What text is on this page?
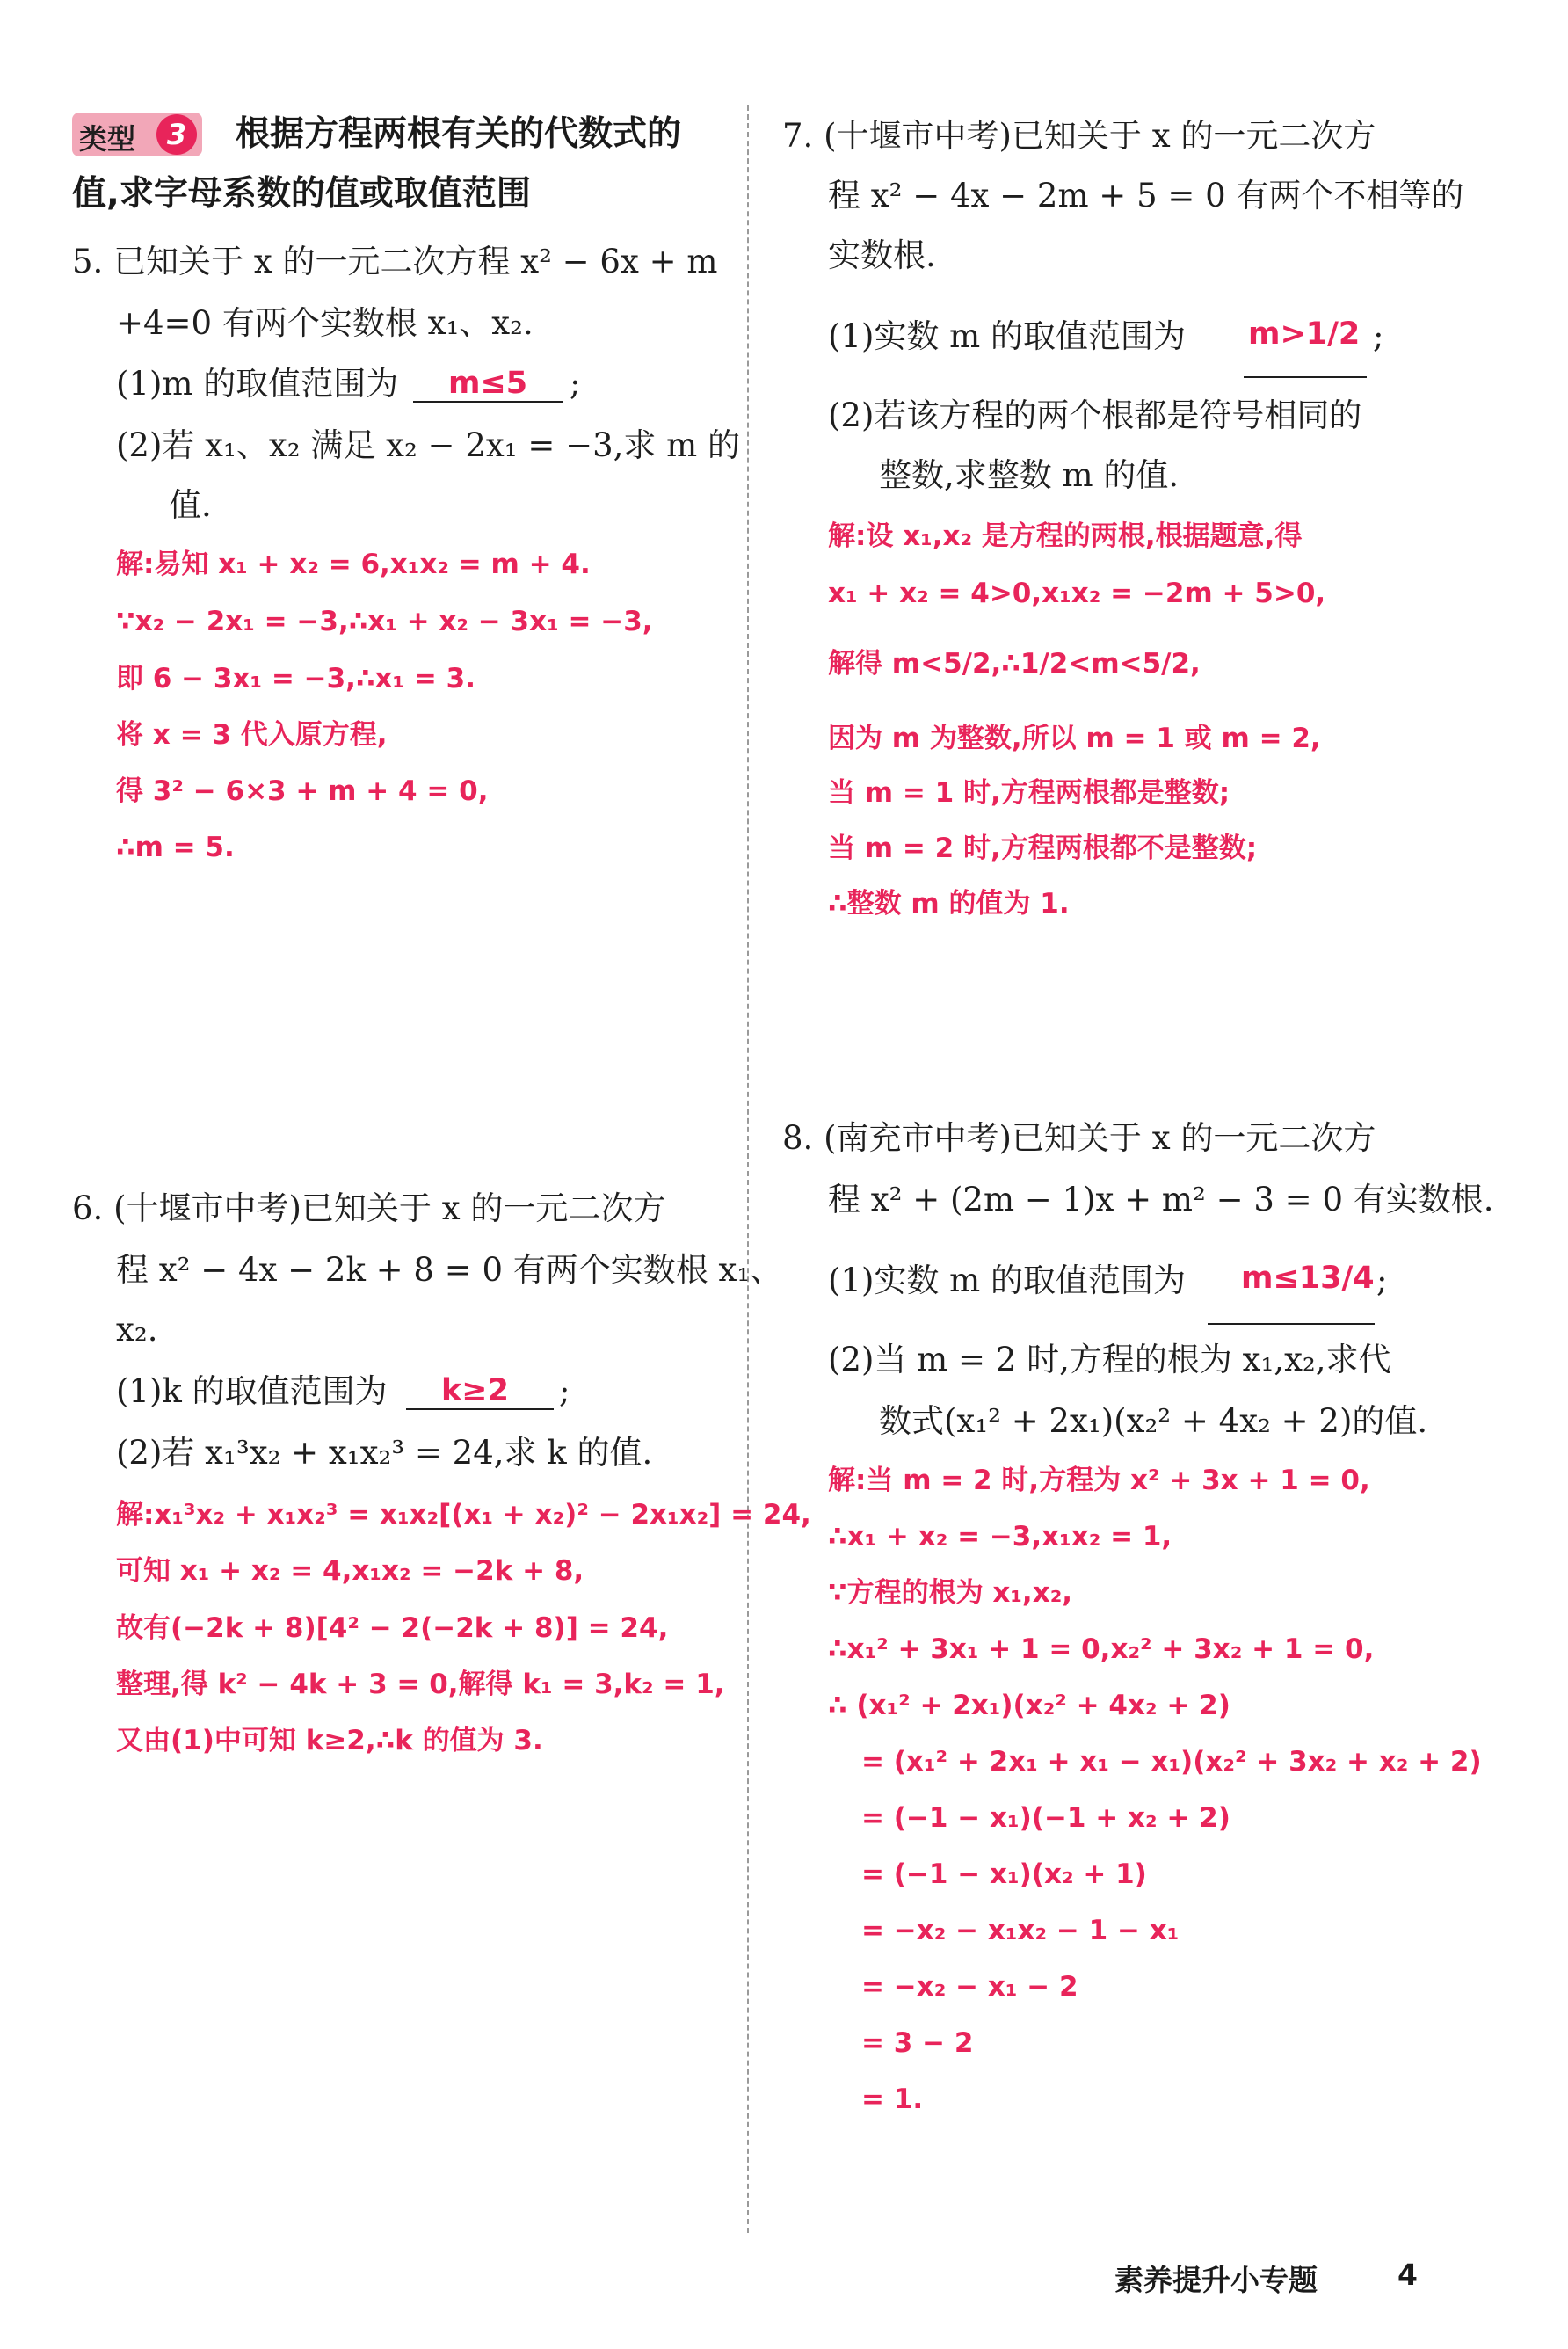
类型	3	根据方程两根有关的代数式的
值,求字母系数的值或取值范围
5. 已知关于 x 的一元二次方程 x² − 6x + m
+4=0 有两个实数根 x₁、x₂.
(1)m 的取值范围为 m≤5 ;
(2)若 x₁、x₂ 满足 x₂ − 2x₁ = −3,求 m 的
值.
解:易知 x₁ + x₂ = 6,x₁x₂ = m + 4.
∵x₂ − 2x₁ = −3,∴x₁ + x₂ − 3x₁ = −3,
即 6 − 3x₁ = −3,∴x₁ = 3.
将 x = 3 代入原方程,
得 3² − 6×3 + m + 4 = 0,
∴m = 5.
6. (十堰市中考)已知关于 x 的一元二次方
程 x² − 4x − 2k + 8 = 0 有两个实数根 x₁、
x₂.
(1)k 的取值范围为 k≥2 ;
(2)若 x₁³x₂ + x₁x₂³ = 24,求 k 的值.
解:x₁³x₂ + x₁x₂³ = x₁x₂[(x₁ + x₂)² − 2x₁x₂] = 24,
可知 x₁ + x₂ = 4,x₁x₂ = −2k + 8,
故有(−2k + 8)[4² − 2(−2k + 8)] = 24,
整理,得 k² − 4k + 3 = 0,解得 k₁ = 3,k₂ = 1,
又由(1)中可知 k≥2,∴k 的值为 3.
7. (十堰市中考)已知关于 x 的一元二次方
程 x² − 4x − 2m + 5 = 0 有两个不相等的
实数根.
(1)实数 m 的取值范围为 m>1/2 ;
(2)若该方程的两个根都是符号相同的
整数,求整数 m 的值.
解:设 x₁,x₂ 是方程的两根,根据题意,得
x₁ + x₂ = 4>0,x₁x₂ = −2m + 5>0,
解得 m<5/2,∴1/2<m<5/2,
因为 m 为整数,所以 m = 1 或 m = 2,
当 m = 1 时,方程两根都是整数;
当 m = 2 时,方程两根都不是整数;
∴整数 m 的值为 1.
8. (南充市中考)已知关于 x 的一元二次方
程 x² + (2m − 1)x + m² − 3 = 0 有实数根.
(1)实数 m 的取值范围为 m≤13/4 ;
(2)当 m = 2 时,方程的根为 x₁,x₂,求代
数式(x₁² + 2x₁)(x₂² + 4x₂ + 2)的值.
解:当 m = 2 时,方程为 x² + 3x + 1 = 0,
∴x₁ + x₂ = −3,x₁x₂ = 1,
∵方程的根为 x₁,x₂,
∴x₁² + 3x₁ + 1 = 0,x₂² + 3x₂ + 1 = 0,
∴ (x₁² + 2x₁)(x₂² + 4x₂ + 2)
= (x₁² + 2x₁ + x₁ − x₁)(x₂² + 3x₂ + x₂ + 2)
= (−1 − x₁)(−1 + x₂ + 2)
= (−1 − x₁)(x₂ + 1)
= −x₂ − x₁x₂ − 1 − x₁
= −x₂ − x₁ − 2
= 3 − 2
= 1.
素养提升小专题	4
